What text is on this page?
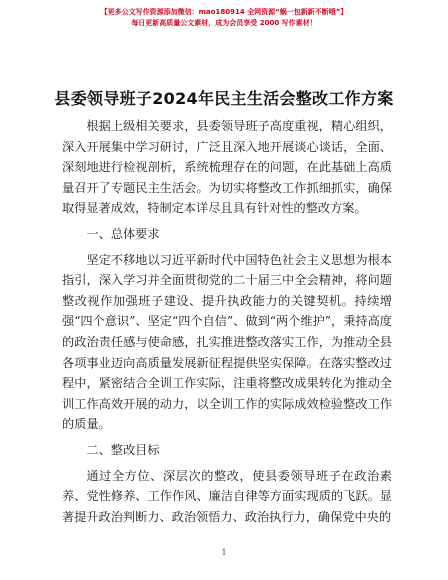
【更多公文写作资源添加微信：mao180914 全网资源“蜗一包新新不断哦”】
每日更新高质量公文素材，成为会员享受 2000 写作素材！
县委领导班子2024年民主生活会整改工作方案

根据上级相关要求，县委领导班子高度重视，精心组织，深入开展集中学习研讨，广泛且深入地开展谈心谈话，全面、深刻地进行检视剖析，系统梳理存在的问题，在此基础上高质量召开了专题民主生活会。为切实将整改工作抓细抓实，确保取得显著成效，特制定本详尽且具有针对性的整改方案。

一、总体要求

坚定不移地以习近平新时代中国特色社会主义思想为根本指引，深入学习并全面贯彻党的二十届三中全会精神，将问题整改视作加强班子建设、提升执政能力的关键契机。持续增强“四个意识”、坚定“四个自信”、做到“两个维护”，秉持高度的政治责任感与使命感，扎实推进整改落实工作，为推动全县各项事业迈向高质量发展新征程提供坚实保障。在落实整改过程中，紧密结合全训工作实际，注重将整改成果转化为推动全训工作高效开展的动力，以全训工作的实际成效检验整改工作的质量。

二、整改目标

通过全方位、深层次的整改，使县委领导班子在政治素养、党性修养、工作作风、廉洁自律等方面实现质的飞跃。显著提升政治判断力、政治领悟力、政治执行力，确保党中央的

1
